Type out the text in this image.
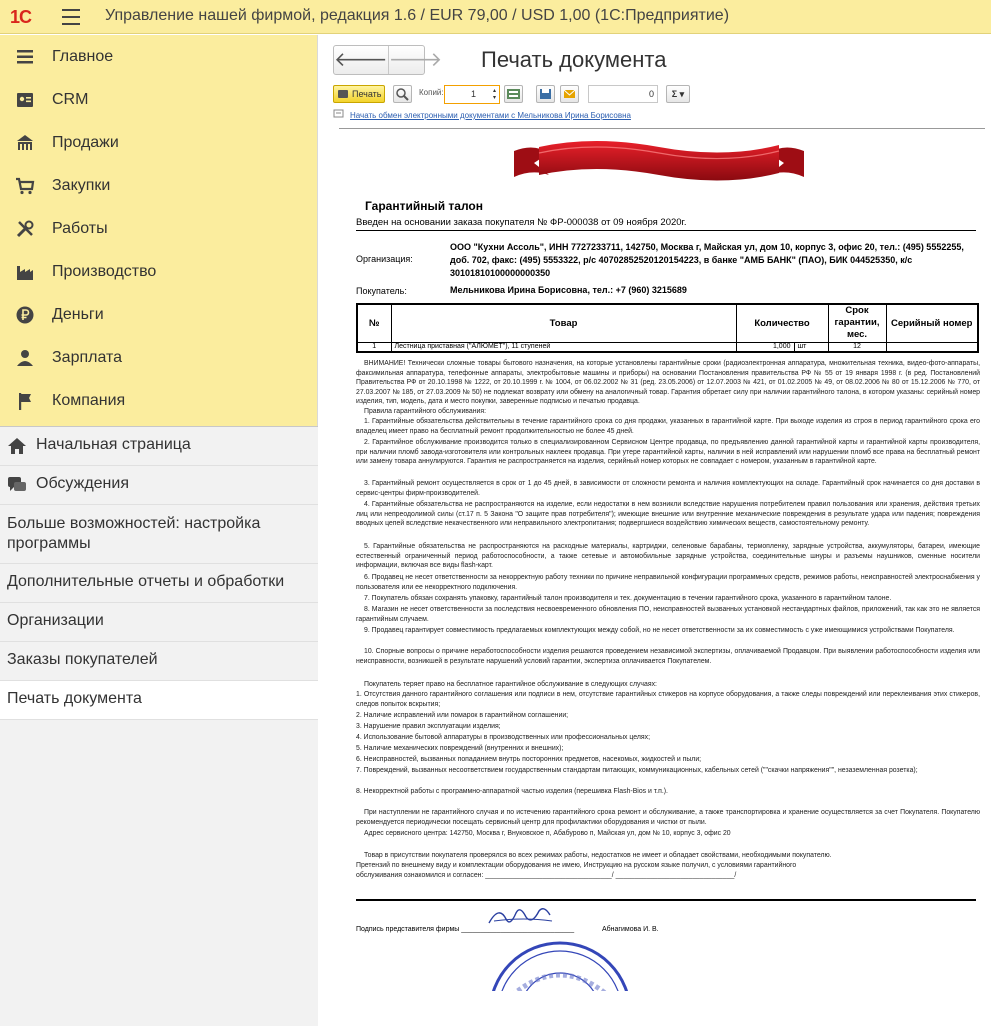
1С	Управление нашей фирмой, редакция 1.6 / EUR 79,00 / USD 1,00 (1С:Предприятие)
Главное
CRM
Продажи
Закупки
Работы
Производство
Деньги
Зарплата
Компания
Начальная страница
Обсуждения
Больше возможностей: настройка программы
Дополнительные отчеты и обработки
Организации
Заказы покупателей
Печать документа
🡐 🡒 Печать документа
Печать	Копий:	1	▴
▾	0	Σ ▾
Начать обмен электронными документами с Мельникова Ирина Борисовна
Гарантийный талон
Введен на основании заказа покупателя № ФР-000038 от 09 ноября 2020г.
Организация:
ООО "Кухни Ассоль", ИНН 7727233711, 142750, Москва г, Майская ул, дом 10, корпус 3, офис 20, тел.: (495) 5552255, доб. 702, факс: (495) 5553322, р/с 40702852520120154223, в банке "АМБ БАНК" (ПАО), БИК 044525350, к/с 30101810100000000350
Покупатель:	Мельникова Ирина Борисовна, тел.: +7 (960) 3215689
№	Товар	Количество		Срок гарантии, мес.	Серийный номер
1	Лестница приставная ("АЛЮМЕТ"), 11 ступеней	1,000	шт	12	
ВНИМАНИЕ! Технически сложные товары бытового назначения, на которые установлены гарантийные сроки (радиоэлектронная аппаратура, множительная техника, видео-фото-аппараты, факсимильная аппаратура, телефонные аппараты, электробытовые машины и приборы) на основании Постановления правительства РФ № 55 от 19 января 1998 г. (в ред. Постановлений Правительства РФ от 20.10.1998 № 1222, от 20.10.1999 г. № 1004, от 06.02.2002 № 31 (ред. 23.05.2006) от 12.07.2003 № 421, от 01.02.2005 № 49, от 08.02.2006 № 80 от 15.12.2006 № 770, от 27.03.2007 № 185, от 27.03.2009 № 50) не подлежат возврату или обмену на аналогичный товар. Гарантия обретает силу при наличии гарантийного талона, в котором указаны: серийный номер изделия, тип, модель, дата и место покупки, заверенные подписью и печатью продавца.
Правила гарантийного обслуживания:
1. Гарантийные обязательства действительны в течение гарантийного срока со дня продажи, указанных в гарантийной карте. При выходе изделия из строя в период гарантийного срока его владелец имеет право на бесплатный ремонт продолжительностью не более 45 дней.
2. Гарантийное обслуживание производится только в специализированном Сервисном Центре продавца, по предъявлению данной гарантийной карты и гарантийной карты производителя, при наличии пломб завода-изготовителя или контрольных наклеек продавца. При утере гарантийной карты, наличии в ней исправлений или нарушении пломб все права на бесплатный ремонт или замену товара аннулируются. Гарантия не распространяется на изделия, серийный номер которых не совпадает с номером, указанным в гарантийной карте.
3. Гарантийный ремонт осуществляется в срок от 1 до 45 дней, в зависимости от сложности ремонта и наличия комплектующих на складе. Гарантийный срок начинается со дня доставки в сервис-центры фирм-производителей.
4. Гарантийные обязательства не распространяются на изделие, если недостатки в нем возникли вследствие нарушения потребителем правил пользования или хранения, действия третьих лиц или непреодолимой силы (ст.17 п. 5 Закона "О защите прав потребителя"); имеющие внешние или внутренние механические повреждения в результате удара или падения; повреждения вводных цепей вследствие некачественного или неправильного электропитания; подвергшиеся воздействию химических веществ, самостоятельному ремонту.
5. Гарантийные обязательства не распространяются на расходные материалы, картриджи, селеновые барабаны, термопленку, зарядные устройства, аккумуляторы, батареи, имеющие естественный ограниченный период работоспособности, а также сетевые и автомобильные зарядные устройства, соединительные шнуры и разъемы наушников, сменные носители информации, включая все виды flash-карт.
6. Продавец не несет ответственности за некорректную работу техники по причине неправильной конфигурации программных средств, режимов работы, неисправностей электроснабжения у пользователя или ее некорректного подключения.
7. Покупатель обязан сохранять упаковку, гарантийный талон производителя и тех. документацию в течении гарантийного срока, указанного в гарантийном талоне.
8. Магазин не несет ответственности за последствия несвоевременного обновления ПО, неисправностей вызванных установкой нестандартных файлов, приложений, так как это не является гарантийным случаем.
9. Продавец гарантирует совместимость предлагаемых комплектующих между собой, но не несет ответственности за их совместимость с уже имеющимися устройствами Покупателя.
10. Спорные вопросы о причине неработоспособности изделия решаются проведением независимой экспертизы, оплачиваемой Продавцом. При выявлении работоспособности изделия или неисправности, возникшей в результате нарушений условий гарантии, экспертиза оплачивается Покупателем.
Покупатель теряет право на бесплатное гарантийное обслуживание в следующих случаях:
1. Отсутствия данного гарантийного соглашения или подписи в нем, отсутствие гарантийных стикеров на корпусе оборудования, а также следы повреждений или переклеивания этих стикеров, следов попыток вскрытия;
2. Наличие исправлений или помарок в гарантийном соглашении;
3. Нарушение правил эксплуатации изделия;
4. Использование бытовой аппаратуры в производственных или профессиональных целях;
5. Наличие механических повреждений (внутренних и внешних);
6. Неисправностей, вызванных попаданием внутрь посторонних предметов, насекомых, жидкостей и пыли;
7. Повреждений, вызванных несоответствием государственным стандартам питающих, коммуникационных, кабельных сетей (""скачки напряжения"", незаземленная розетка);
8. Некорректной работы с программно-аппаратной частью изделия (перешивка Flash-Bios и т.п.).
При наступлении не гарантийного случая и по истечению гарантийного срока ремонт и обслуживание, а также транспортировка и хранение осуществляется за счет Покупателя. Покупателю рекомендуется периодически посещать сервисный центр для профилактики оборудования и чистки от пыли.
Адрес сервисного центра: 142750, Москва г, Внуковское п, Абабурово п, Майская ул, дом № 10, корпус 3, офис 20
Товар в присутствии покупателя проверялся во всех режимах работы, недостатков не имеет и обладает свойствами, необходимыми покупателю.
Претензий по внешнему виду и комплектации оборудования не имею, Инструкцию на русском языке получил, с условиями гарантийного
обслуживания ознакомился и согласен: _________________________________/ _______________________________/
Подпись представителя фирмы _____________________________	Абнагимова И. В.
